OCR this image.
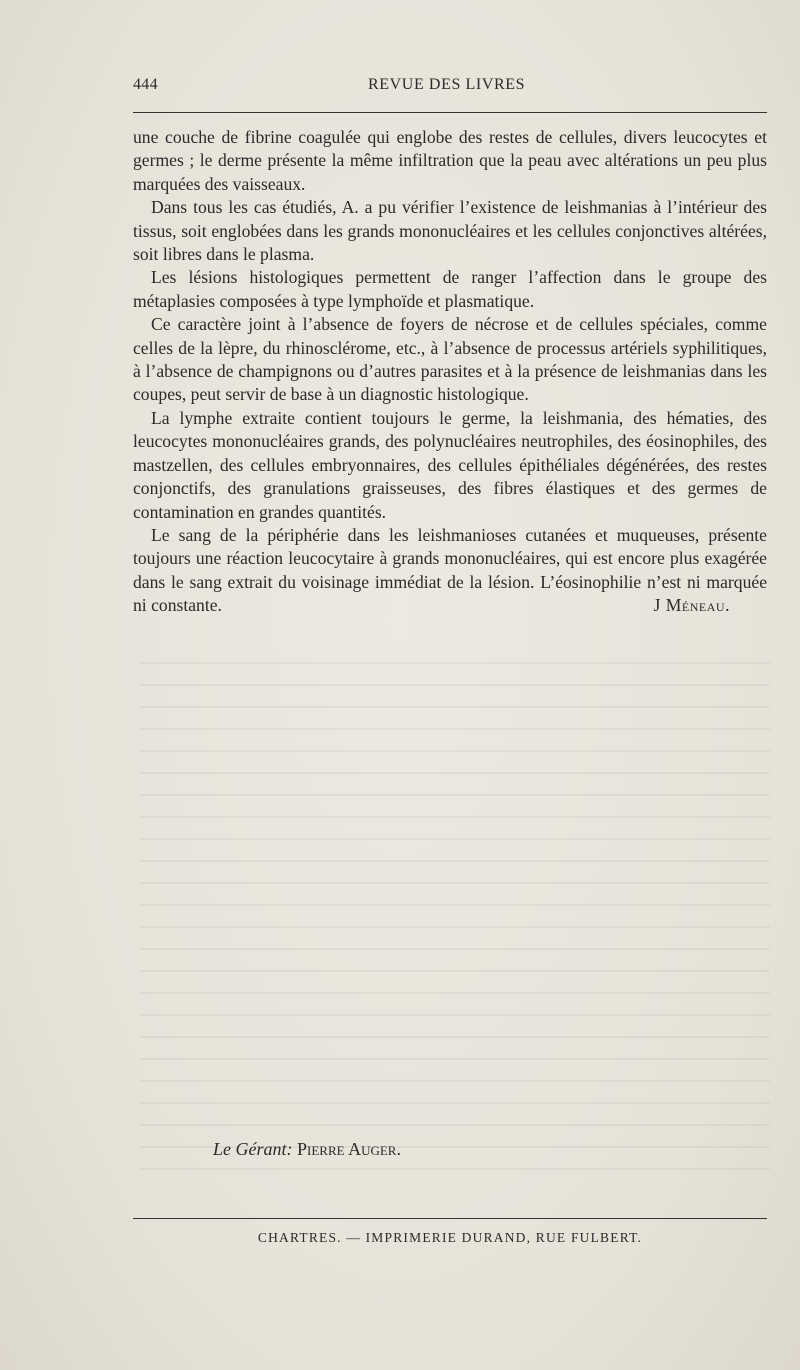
444	REVUE DES LIVRES

une couche de fibrine coagulée qui englobe des restes de cellules, divers leucocytes et germes ; le derme présente la même infiltration que la peau avec altérations un peu plus marquées des vaisseaux.

Dans tous les cas étudiés, A. a pu vérifier l’existence de leishmanias à l’intérieur des tissus, soit englobées dans les grands mononucléaires et les cellules conjonctives altérées, soit libres dans le plasma.

Les lésions histologiques permettent de ranger l’affection dans le groupe des métaplasies composées à type lymphoïde et plasmatique.

Ce caractère joint à l’absence de foyers de nécrose et de cellules spéciales, comme celles de la lèpre, du rhinosclérome, etc., à l’absence de processus artériels syphilitiques, à l’absence de champignons ou d’autres parasites et à la présence de leishmanias dans les coupes, peut servir de base à un diagnostic histologique.

La lymphe extraite contient toujours le germe, la leishmania, des hématies, des leucocytes mononucléaires grands, des polynucléaires neutrophiles, des éosinophiles, des mastzellen, des cellules embryonnaires, des cellules épithéliales dégénérées, des restes conjonctifs, des granulations graisseuses, des fibres élastiques et des germes de contamination en grandes quantités.

Le sang de la périphérie dans les leishmanioses cutanées et muqueuses, présente toujours une réaction leucocytaire à grands mononucléaires, qui est encore plus exagérée dans le sang extrait du voisinage immédiat de la lésion. L’éosinophilie n’est ni marquée ni constante.	J Méneau.

Le Gérant: Pierre Auger.
CHARTRES. — IMPRIMERIE DURAND, RUE FULBERT.
